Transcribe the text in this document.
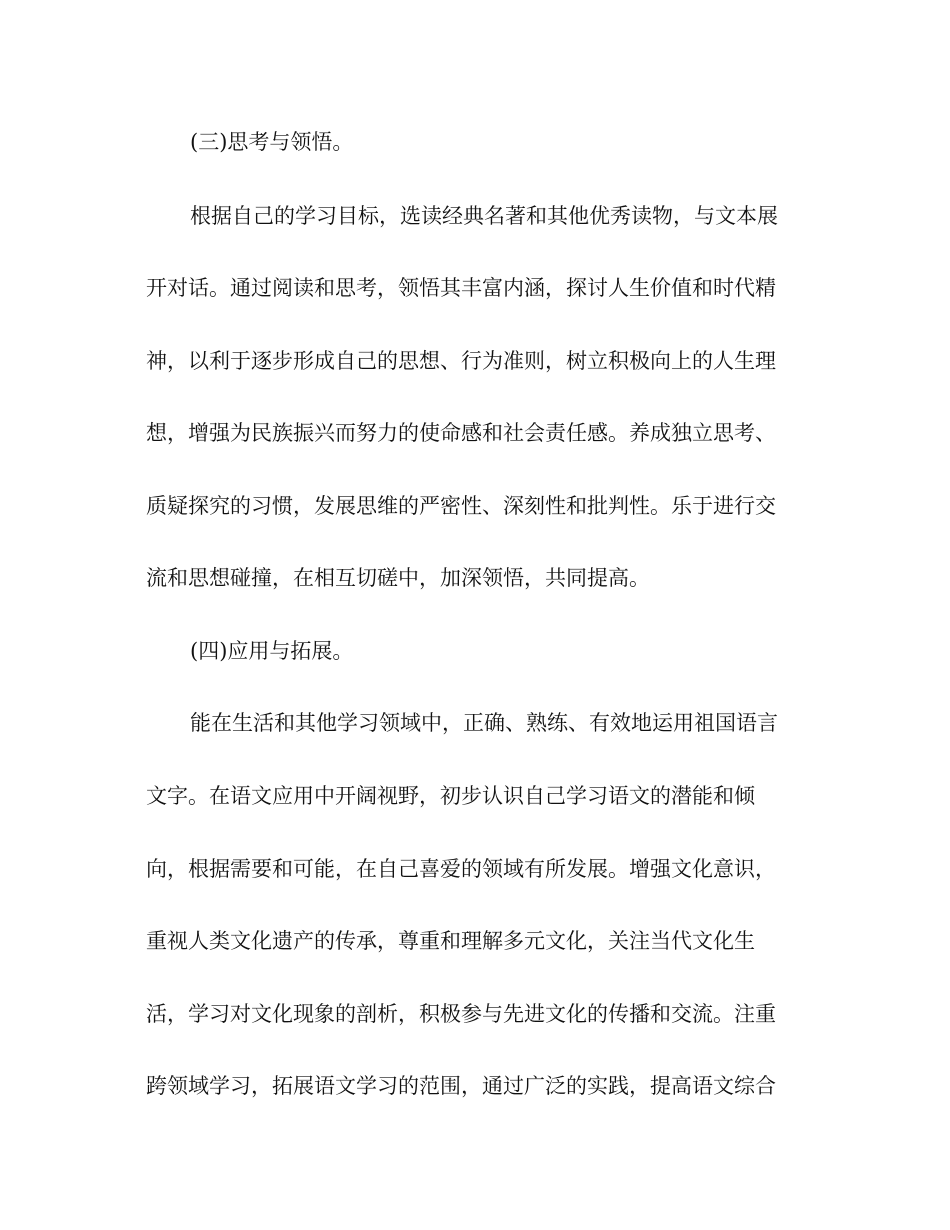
(三)思考与领悟。

根据自己的学习目标，选读经典名著和其他优秀读物，与文本展

开对话。通过阅读和思考，领悟其丰富内涵，探讨人生价值和时代精

神，以利于逐步形成自己的思想、行为准则，树立积极向上的人生理

想，增强为民族振兴而努力的使命感和社会责任感。养成独立思考、

质疑探究的习惯，发展思维的严密性、深刻性和批判性。乐于进行交

流和思想碰撞，在相互切磋中，加深领悟，共同提高。

(四)应用与拓展。

能在生活和其他学习领域中，正确、熟练、有效地运用祖国语言

文字。在语文应用中开阔视野，初步认识自己学习语文的潜能和倾

向，根据需要和可能，在自己喜爱的领域有所发展。增强文化意识，

重视人类文化遗产的传承，尊重和理解多元文化，关注当代文化生

活，学习对文化现象的剖析，积极参与先进文化的传播和交流。注重

跨领域学习，拓展语文学习的范围，通过广泛的实践，提高语文综合
